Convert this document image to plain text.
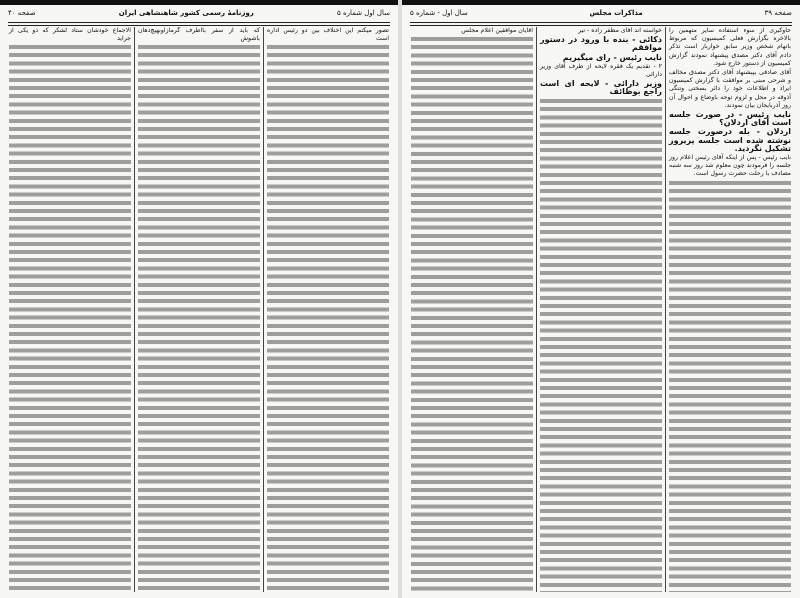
سال اول شماره ۵
روزنامهٔ رسمی کشور شاهنشاهی ایران
صفحه ۴۰

تصور میکنم این اختلاف بین دو رئیس اداره است

که باید از سفر بااطرف گرمازاوبهیچ‌دهان باشوش

الاجماع خودشان ستاد لشکر که دو یکی از جراید

صفحه ۳۹
مذاکرات مجلس
سال اول - شماره ۵

حاوکیری از سوء استفاده سایر متهمین را بالاخره بگزارش فعلی کمیسیون که مربوط باتهام شخص وزیر سابق خواربار است تذکر دادم آقای دکتر مصدق پیشنهاد نمودند گزارش کمیسیون از دستور خارج شود.

آقای صادقی بپیشنهاد آقای دکتر مصدق مخالف و شرحی مبنی بر موافقت با گزارش کمیسیون ایراد و اطلاعات خود را دائر بسختی وتنگی آذوقه در محل و لزوم توجه باوضاع و احوال آن روز آذربایجان بیان نمودند.

نایب رئیس - در صورت جلسه است آقای اردلان؟

اردلان - بله درصورت جلسه نوشته شده است جلسه پریروز تشکیل نگردید.

نایب رئیس - پس از اینکه آقای رئیس اعلام روز جلسه را فرمودند چون معلوم شد روز سه شنبه مصادف با رحلت حضرت رسول است.

خواسته اند آقای مظفر زاده - تیر

ذکائی - بنده با ورود در دستور موافقم

نایب رئیس - رای میگیریم

۲ - تقدیم یک فقره لایحه از طرف آقای وزیر دارائی

وزیر دارائی - لایحه ای است راجع بوظائف

آقایان موافقین اعلام مجلس
